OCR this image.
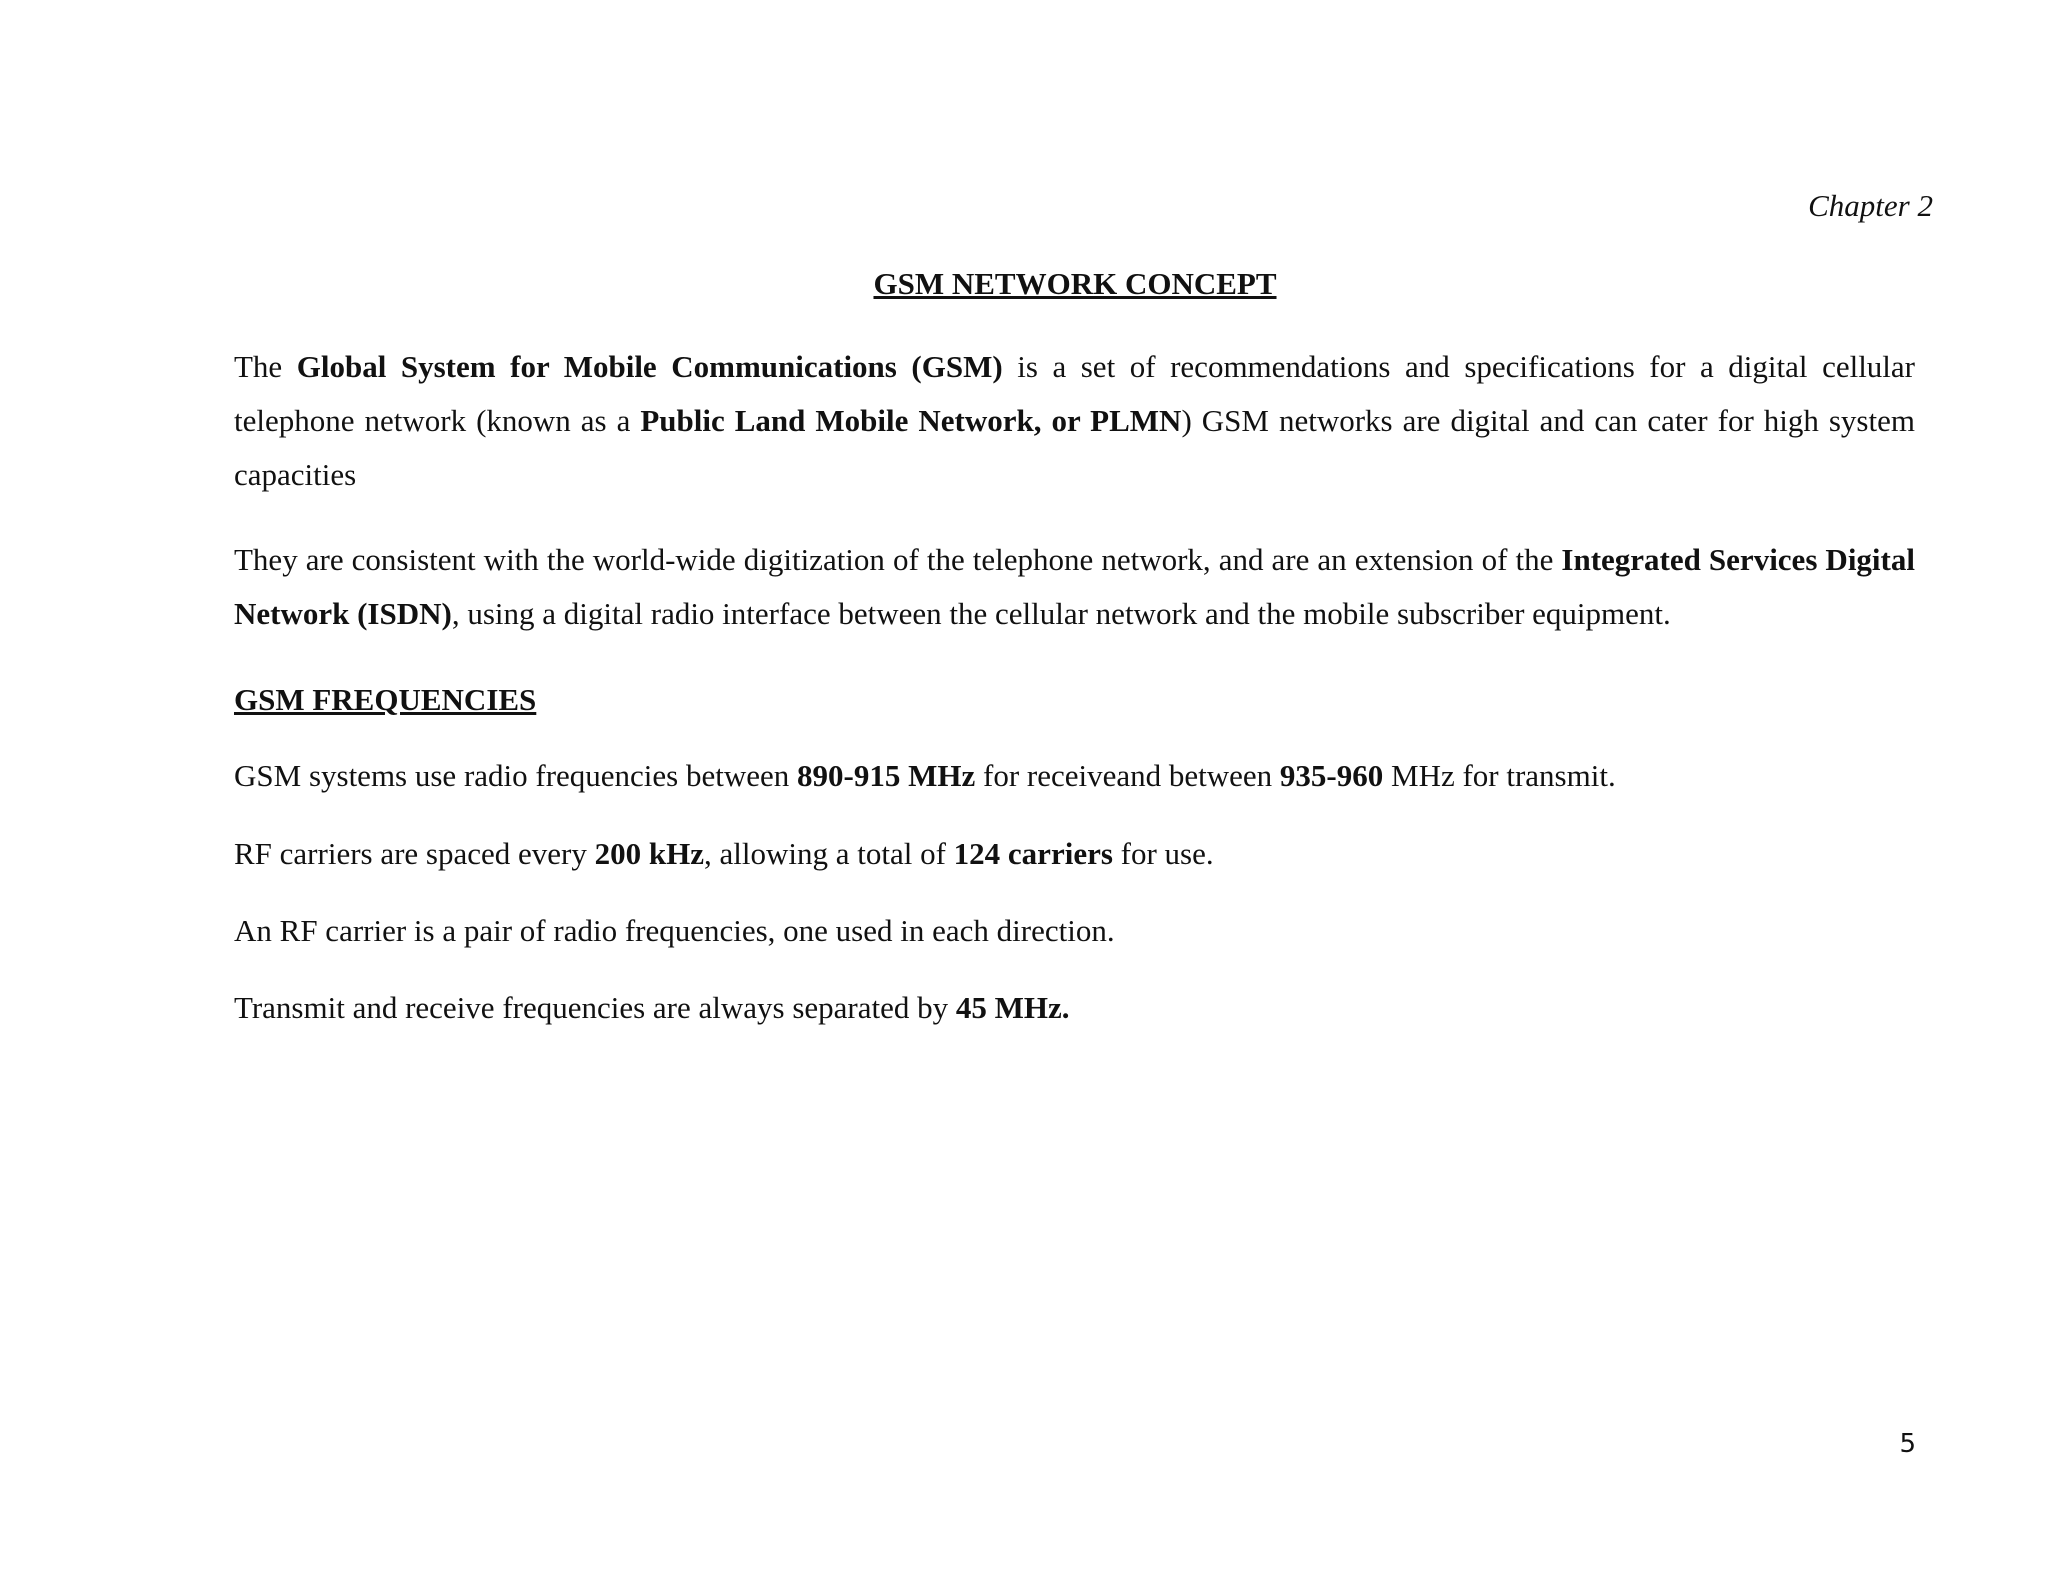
Chapter 2
GSM NETWORK CONCEPT

The Global System for Mobile Communications (GSM) is a set of recommendations and specifications for a digital cellular telephone network (known as a Public Land Mobile Network, or PLMN) GSM networks are digital and can cater for high system capacities

They are consistent with the world-wide digitization of the telephone network, and are an extension of the Integrated Services Digital Network (ISDN), using a digital radio interface between the cellular network and the mobile subscriber equipment.

GSM FREQUENCIES
GSM systems use radio frequencies between 890-915 MHz for receiveand between 935-960 MHz for transmit.
RF carriers are spaced every 200 kHz, allowing a total of 124 carriers for use.
An RF carrier is a pair of radio frequencies, one used in each direction.
Transmit and receive frequencies are always separated by 45 MHz.
5
